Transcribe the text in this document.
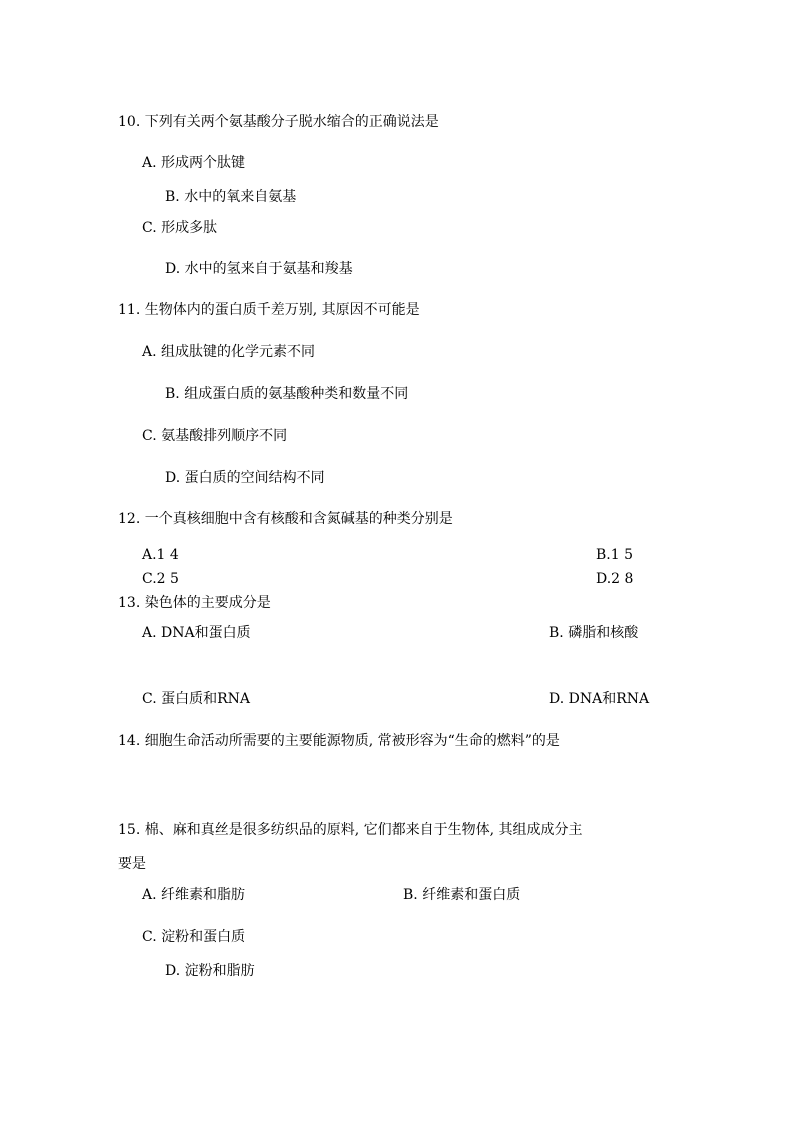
10. 下列有关两个氨基酸分子脱水缩合的正确说法是
A. 形成两个肽键
B. 水中的氧来自氨基
C. 形成多肽
D. 水中的氢来自于氨基和羧基
11. 生物体内的蛋白质千差万别, 其原因不可能是
A. 组成肽键的化学元素不同
B. 组成蛋白质的氨基酸种类和数量不同
C. 氨基酸排列顺序不同
D. 蛋白质的空间结构不同
12. 一个真核细胞中含有核酸和含氮碱基的种类分别是
A.1 4	B.1 5
C.2 5	D.2 8
13. 染色体的主要成分是
A. DNA和蛋白质	B. 磷脂和核酸
C. 蛋白质和RNA	D. DNA和RNA
14. 细胞生命活动所需要的主要能源物质, 常被形容为“生命的燃料”的是
15. 棉、麻和真丝是很多纺织品的原料, 它们都来自于生物体, 其组成成分主
要是
A. 纤维素和脂肪	B. 纤维素和蛋白质
C. 淀粉和蛋白质
D. 淀粉和脂肪
